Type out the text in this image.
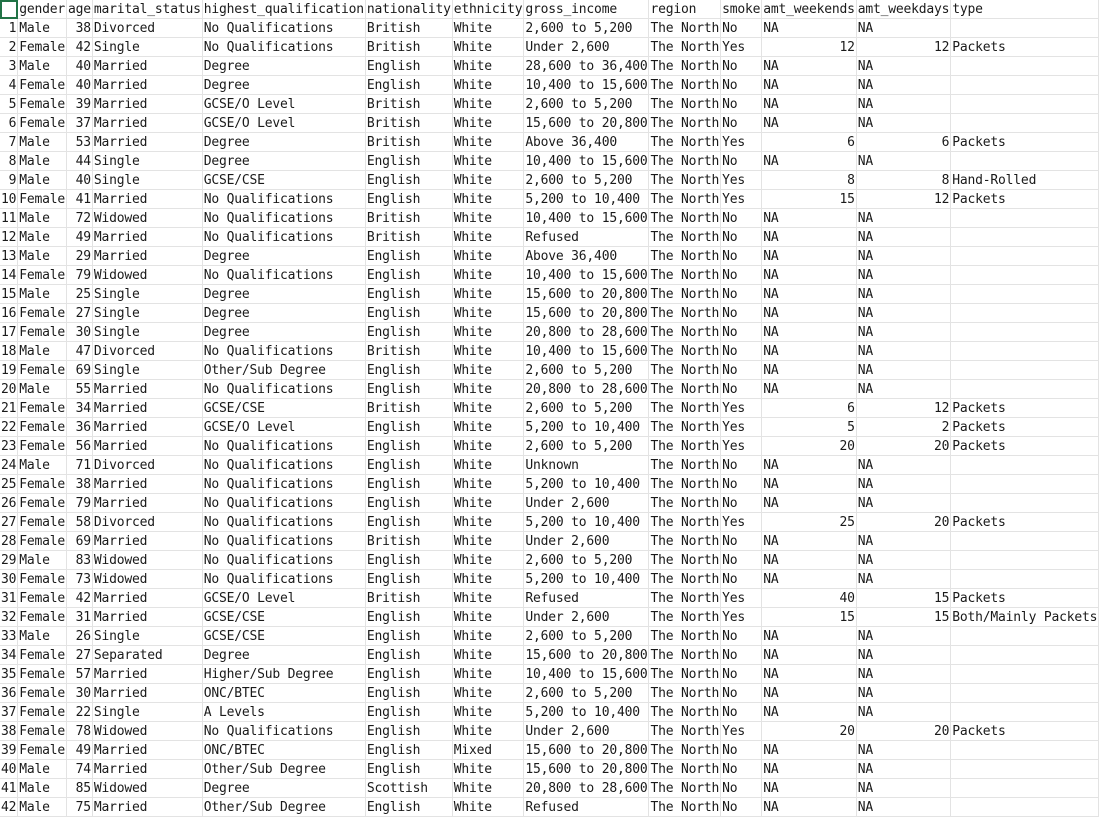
	gender	age	marital_status	highest_qualification	nationality	ethnicity	gross_income	region	smoke	amt_weekends	amt_weekdays	type
1	Male	38	Divorced	No Qualifications	British	White	2,600 to 5,200	The North	No	NA	NA	
2	Female	42	Single	No Qualifications	British	White	Under 2,600	The North	Yes	12	12	Packets
3	Male	40	Married	Degree	English	White	28,600 to 36,400	The North	No	NA	NA	
4	Female	40	Married	Degree	English	White	10,400 to 15,600	The North	No	NA	NA	
5	Female	39	Married	GCSE/O Level	British	White	2,600 to 5,200	The North	No	NA	NA	
6	Female	37	Married	GCSE/O Level	British	White	15,600 to 20,800	The North	No	NA	NA	
7	Male	53	Married	Degree	British	White	Above 36,400	The North	Yes	6	6	Packets
8	Male	44	Single	Degree	English	White	10,400 to 15,600	The North	No	NA	NA	
9	Male	40	Single	GCSE/CSE	English	White	2,600 to 5,200	The North	Yes	8	8	Hand-Rolled
10	Female	41	Married	No Qualifications	English	White	5,200 to 10,400	The North	Yes	15	12	Packets
11	Male	72	Widowed	No Qualifications	British	White	10,400 to 15,600	The North	No	NA	NA	
12	Male	49	Married	No Qualifications	British	White	Refused	The North	No	NA	NA	
13	Male	29	Married	Degree	English	White	Above 36,400	The North	No	NA	NA	
14	Female	79	Widowed	No Qualifications	English	White	10,400 to 15,600	The North	No	NA	NA	
15	Male	25	Single	Degree	English	White	15,600 to 20,800	The North	No	NA	NA	
16	Female	27	Single	Degree	English	White	15,600 to 20,800	The North	No	NA	NA	
17	Female	30	Single	Degree	English	White	20,800 to 28,600	The North	No	NA	NA	
18	Male	47	Divorced	No Qualifications	British	White	10,400 to 15,600	The North	No	NA	NA	
19	Female	69	Single	Other/Sub Degree	English	White	2,600 to 5,200	The North	No	NA	NA	
20	Male	55	Married	No Qualifications	English	White	20,800 to 28,600	The North	No	NA	NA	
21	Female	34	Married	GCSE/CSE	British	White	2,600 to 5,200	The North	Yes	6	12	Packets
22	Female	36	Married	GCSE/O Level	English	White	5,200 to 10,400	The North	Yes	5	2	Packets
23	Female	56	Married	No Qualifications	English	White	2,600 to 5,200	The North	Yes	20	20	Packets
24	Male	71	Divorced	No Qualifications	English	White	Unknown	The North	No	NA	NA	
25	Female	38	Married	No Qualifications	English	White	5,200 to 10,400	The North	No	NA	NA	
26	Female	79	Married	No Qualifications	English	White	Under 2,600	The North	No	NA	NA	
27	Female	58	Divorced	No Qualifications	English	White	5,200 to 10,400	The North	Yes	25	20	Packets
28	Female	69	Married	No Qualifications	British	White	Under 2,600	The North	No	NA	NA	
29	Male	83	Widowed	No Qualifications	English	White	2,600 to 5,200	The North	No	NA	NA	
30	Female	73	Widowed	No Qualifications	English	White	5,200 to 10,400	The North	No	NA	NA	
31	Female	42	Married	GCSE/O Level	British	White	Refused	The North	Yes	40	15	Packets
32	Female	31	Married	GCSE/CSE	English	White	Under 2,600	The North	Yes	15	15	Both/Mainly Packets
33	Male	26	Single	GCSE/CSE	English	White	2,600 to 5,200	The North	No	NA	NA	
34	Female	27	Separated	Degree	English	White	15,600 to 20,800	The North	No	NA	NA	
35	Female	57	Married	Higher/Sub Degree	English	White	10,400 to 15,600	The North	No	NA	NA	
36	Female	30	Married	ONC/BTEC	English	White	2,600 to 5,200	The North	No	NA	NA	
37	Female	22	Single	A Levels	English	White	5,200 to 10,400	The North	No	NA	NA	
38	Female	78	Widowed	No Qualifications	English	White	Under 2,600	The North	Yes	20	20	Packets
39	Female	49	Married	ONC/BTEC	English	Mixed	15,600 to 20,800	The North	No	NA	NA	
40	Male	74	Married	Other/Sub Degree	English	White	15,600 to 20,800	The North	No	NA	NA	
41	Male	85	Widowed	Degree	Scottish	White	20,800 to 28,600	The North	No	NA	NA	
42	Male	75	Married	Other/Sub Degree	English	White	Refused	The North	No	NA	NA	
